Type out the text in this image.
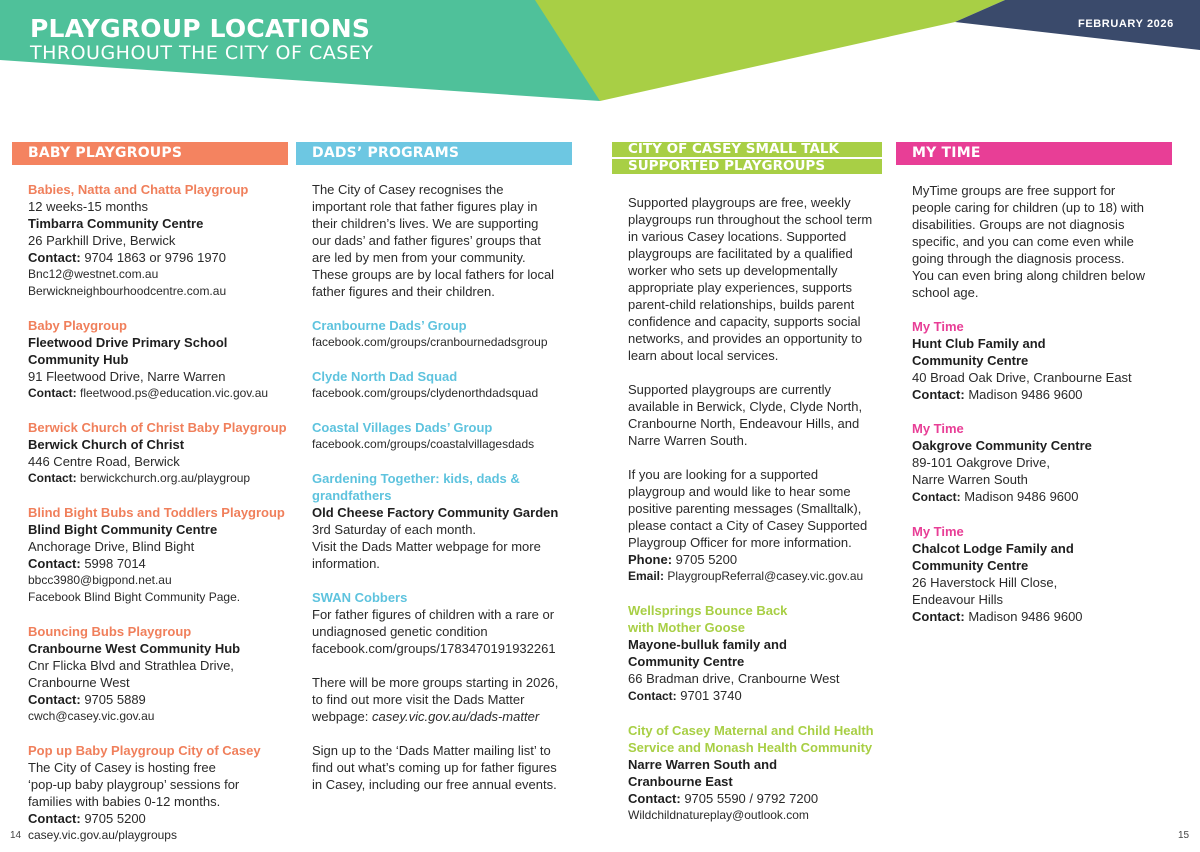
PLAYGROUP LOCATIONS
THROUGHOUT THE CITY OF CASEY
FEBRUARY 2026
BABY PLAYGROUPS

Babies, Natta and Chatta Playgroup

12 weeks-15 months

Timbarra Community Centre

26 Parkhill Drive, Berwick

Contact: 9704 1863 or 9796 1970

Bnc12@westnet.com.au

Berwickneighbourhoodcentre.com.au

Baby Playgroup

Fleetwood Drive Primary School

Community Hub

91 Fleetwood Drive, Narre Warren

Contact: fleetwood.ps@education.vic.gov.au

Berwick Church of Christ Baby Playgroup

Berwick Church of Christ

446 Centre Road, Berwick

Contact: berwickchurch.org.au/playgroup

Blind Bight Bubs and Toddlers Playgroup

Blind Bight Community Centre

Anchorage Drive, Blind Bight

Contact: 5998 7014

bbcc3980@bigpond.net.au

Facebook Blind Bight Community Page.

Bouncing Bubs Playgroup

Cranbourne West Community Hub

Cnr Flicka Blvd and Strathlea Drive,

Cranbourne West

Contact: 9705 5889

cwch@casey.vic.gov.au

Pop up Baby Playgroup City of Casey

The City of Casey is hosting free

‘pop-up baby playgroup’ sessions for

families with babies 0-12 months.

Contact: 9705 5200

casey.vic.gov.au/playgroups

DADS’ PROGRAMS

The City of Casey recognises the

important role that father figures play in

their children’s lives. We are supporting

our dads’ and father figures’ groups that

are led by men from your community.

These groups are by local fathers for local

father figures and their children.

Cranbourne Dads’ Group

facebook.com/groups/cranbournedadsgroup

Clyde North Dad Squad

facebook.com/groups/clydenorthdadsquad

Coastal Villages Dads’ Group

facebook.com/groups/coastalvillagesdads

Gardening Together: kids, dads &

grandfathers

Old Cheese Factory Community Garden

3rd Saturday of each month.

Visit the Dads Matter webpage for more

information.

SWAN Cobbers

For father figures of children with a rare or

undiagnosed genetic condition

facebook.com/groups/1783470191932261

There will be more groups starting in 2026,

to find out more visit the Dads Matter

webpage: casey.vic.gov.au/dads-matter

Sign up to the ‘Dads Matter mailing list’ to

find out what’s coming up for father figures

in Casey, including our free annual events.

CITY OF CASEY SMALL TALK
SUPPORTED PLAYGROUPS

Supported playgroups are free, weekly

playgroups run throughout the school term

in various Casey locations. Supported

playgroups are facilitated by a qualified

worker who sets up developmentally

appropriate play experiences, supports

parent-child relationships, builds parent

confidence and capacity, supports social

networks, and provides an opportunity to

learn about local services.

Supported playgroups are currently

available in Berwick, Clyde, Clyde North,

Cranbourne North, Endeavour Hills, and

Narre Warren South.

If you are looking for a supported

playgroup and would like to hear some

positive parenting messages (Smalltalk),

please contact a City of Casey Supported

Playgroup Officer for more information.

Phone: 9705 5200

Email: PlaygroupReferral@casey.vic.gov.au

Wellsprings Bounce Back

with Mother Goose

Mayone-bulluk family and

Community Centre

66 Bradman drive, Cranbourne West

Contact: 9701 3740

City of Casey Maternal and Child Health

Service and Monash Health Community

Narre Warren South and

Cranbourne East

Contact: 9705 5590 / 9792 7200

Wildchildnatureplay@outlook.com

MY TIME

MyTime groups are free support for

people caring for children (up to 18) with

disabilities. Groups are not diagnosis

specific, and you can come even while

going through the diagnosis process.

You can even bring along children below

school age.

My Time

Hunt Club Family and

Community Centre

40 Broad Oak Drive, Cranbourne East

Contact: Madison 9486 9600

My Time

Oakgrove Community Centre

89-101 Oakgrove Drive,

Narre Warren South

Contact: Madison 9486 9600

My Time

Chalcot Lodge Family and

Community Centre

26 Haverstock Hill Close,

Endeavour Hills

Contact: Madison 9486 9600

14	15
